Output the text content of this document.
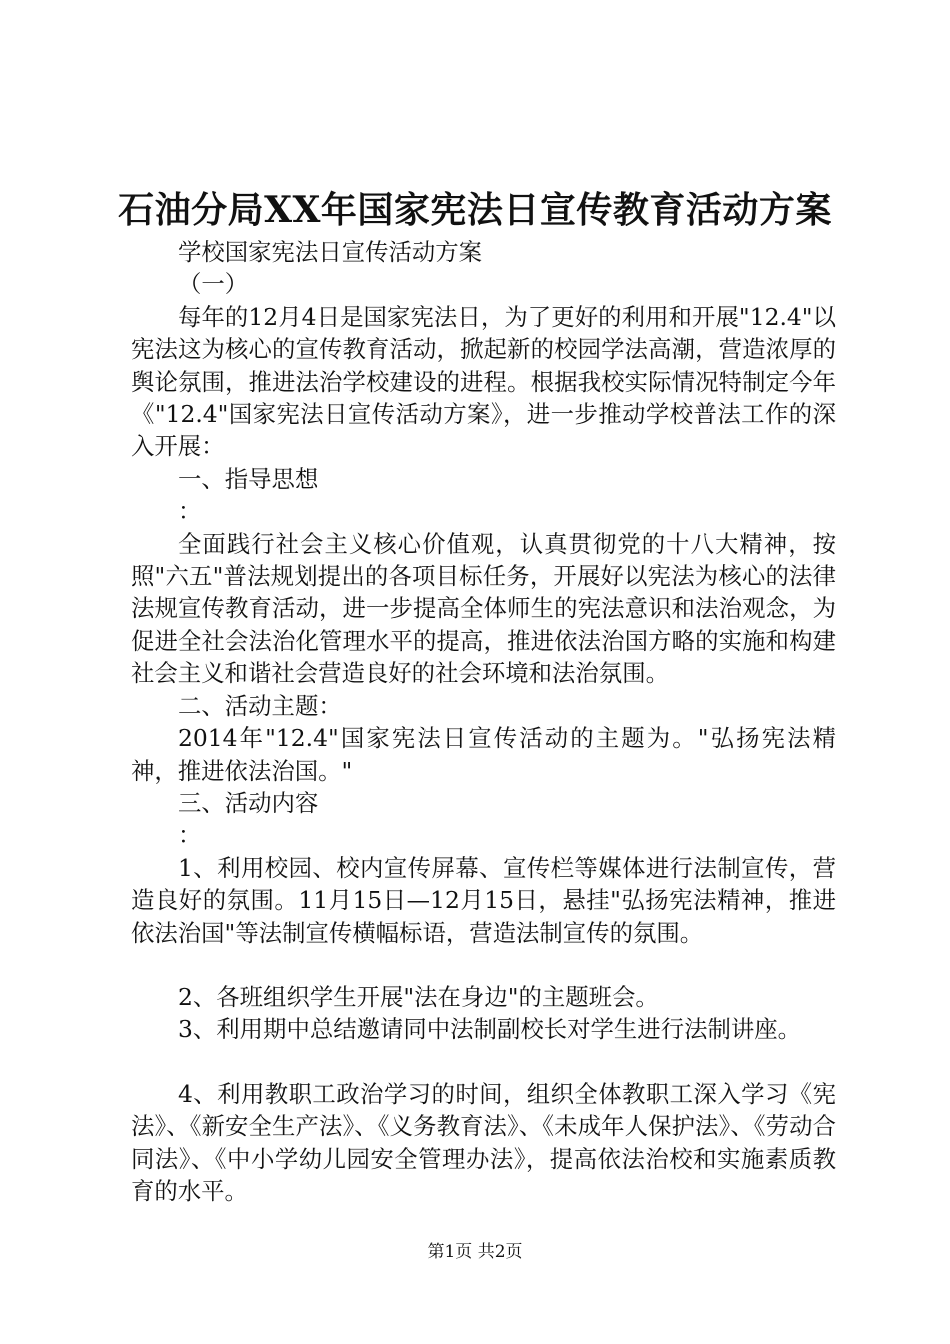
石油分局XX年国家宪法日宣传教育活动方案

学校国家宪法日宣传活动方案

（一）

每年的12月4日是国家宪法日，为了更好的利用和开展"12.4"以宪法这为核心的宣传教育活动，掀起新的校园学法高潮，营造浓厚的舆论氛围，推进法治学校建设的进程。根据我校实际情况特制定今年《"12.4"国家宪法日宣传活动方案》，进一步推动学校普法工作的深入开展：

一、指导思想

：

全面践行社会主义核心价值观，认真贯彻党的十八大精神，按照"六五"普法规划提出的各项目标任务，开展好以宪法为核心的法律法规宣传教育活动，进一步提高全体师生的宪法意识和法治观念，为促进全社会法治化管理水平的提高，推进依法治国方略的实施和构建社会主义和谐社会营造良好的社会环境和法治氛围。

二、活动主题：

2014年"12.4"国家宪法日宣传活动的主题为。"弘扬宪法精神，推进依法治国。"

三、活动内容

：

1、利用校园、校内宣传屏幕、宣传栏等媒体进行法制宣传，营造良好的氛围。11月15日—12月15日，悬挂"弘扬宪法精神，推进依法治国"等法制宣传横幅标语，营造法制宣传的氛围。

2、各班组织学生开展"法在身边"的主题班会。

3、利用期中总结邀请同中法制副校长对学生进行法制讲座。

4、利用教职工政治学习的时间，组织全体教职工深入学习《宪法》、《新安全生产法》、《义务教育法》、《未成年人保护法》、《劳动合同法》、《中小学幼儿园安全管理办法》，提高依法治校和实施素质教育的水平。

第1页 共2页
